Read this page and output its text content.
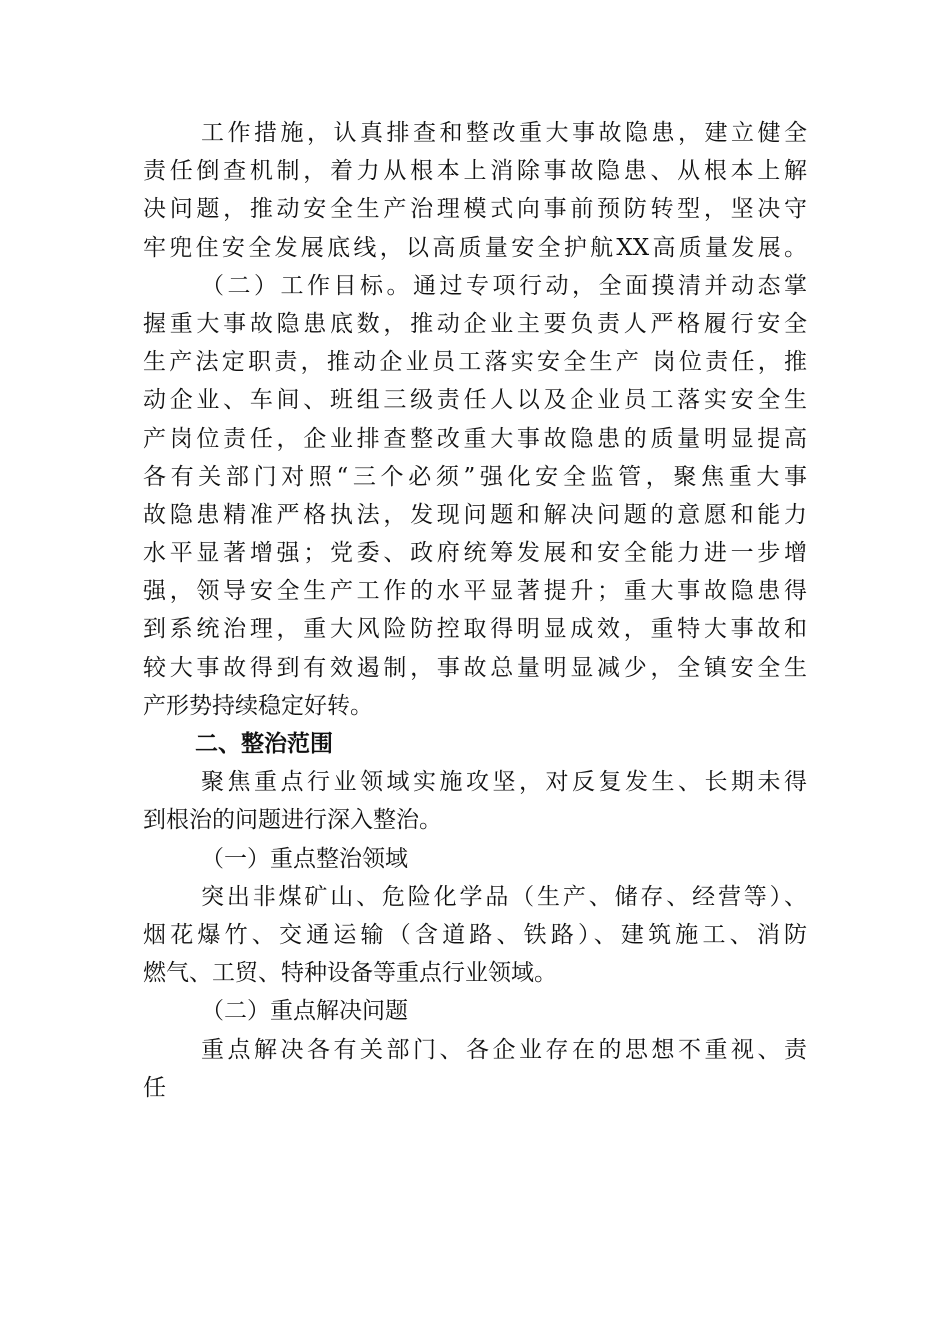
工作措施，认真排查和整改重大事故隐患，建立健全
责任倒查机制，着力从根本上消除事故隐患、从根本上解
决问题，推动安全生产治理模式向事前预防转型，坚决守
牢兜住安全发展底线，以高质量安全护航XX高质量发展。
（二）工作目标。通过专项行动，全面摸清并动态掌
握重大事故隐患底数，推动企业主要负责人严格履行安全
生产法定职责，推动企业员工落实安全生产 岗位责任，推
动企业、车间、班组三级责任人以及企业员工落实安全生
产岗位责任，企业排查整改重大事故隐患的质量明显提高
各有关部门对照“三个必须”强化安全监管，聚焦重大事
故隐患精准严格执法，发现问题和解决问题的意愿和能力
水平显著增强；党委、政府统筹发展和安全能力进一步增
强，领导安全生产工作的水平显著提升；重大事故隐患得
到系统治理，重大风险防控取得明显成效，重特大事故和
较大事故得到有效遏制，事故总量明显减少，全镇安全生
产形势持续稳定好转。
二、整治范围
聚焦重点行业领域实施攻坚，对反复发生、长期未得
到根治的问题进行深入整治。
（一）重点整治领域
突出非煤矿山、危险化学品（生产、储存、经营等）、
烟花爆竹、交通运输（含道路、铁路）、建筑施工、消防
燃气、工贸、特种设备等重点行业领域。
（二）重点解决问题
重点解决各有关部门、各企业存在的思想不重视、责
任
